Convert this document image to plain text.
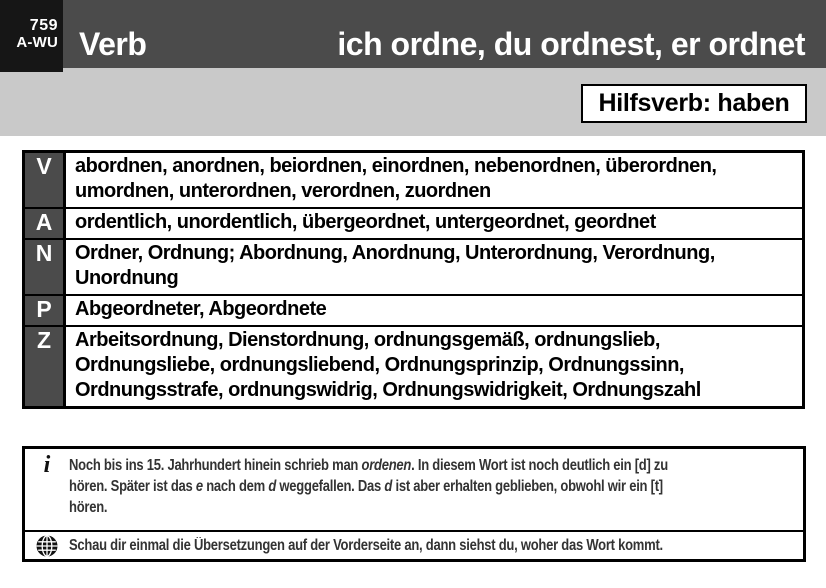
759
A-WU Verb	ich ordne, du ordnest, er ordnet
Hilfsverb: haben
V	abordnen, anordnen, beiordnen, einordnen, nebenordnen, überordnen, umordnen, unterordnen, verordnen, zuordnen
A	ordentlich, unordentlich, übergeordnet, untergeordnet, geordnet
N	Ordner, Ordnung; Abordnung, Anordnung, Unterordnung, Verordnung, Unordnung
P	Abgeordneter, Abgeordnete
Z	Arbeitsordnung, Dienstordnung, ordnungsgemäß, ordnungslieb, Ordnungsliebe, ordnungsliebend, Ordnungsprinzip, Ordnungssinn, Ordnungsstrafe, ordnungswidrig, Ordnungswidrigkeit, Ordnungszahl
i Noch bis ins 15. Jahrhundert hinein schrieb man ordenen. In diesem Wort ist noch deutlich ein [d] zu
hören. Später ist das e nach dem d weggefallen. Das d ist aber erhalten geblieben, obwohl wir ein [t]
hören.
Schau dir einmal die Übersetzungen auf der Vorderseite an, dann siehst du, woher das Wort kommt.
